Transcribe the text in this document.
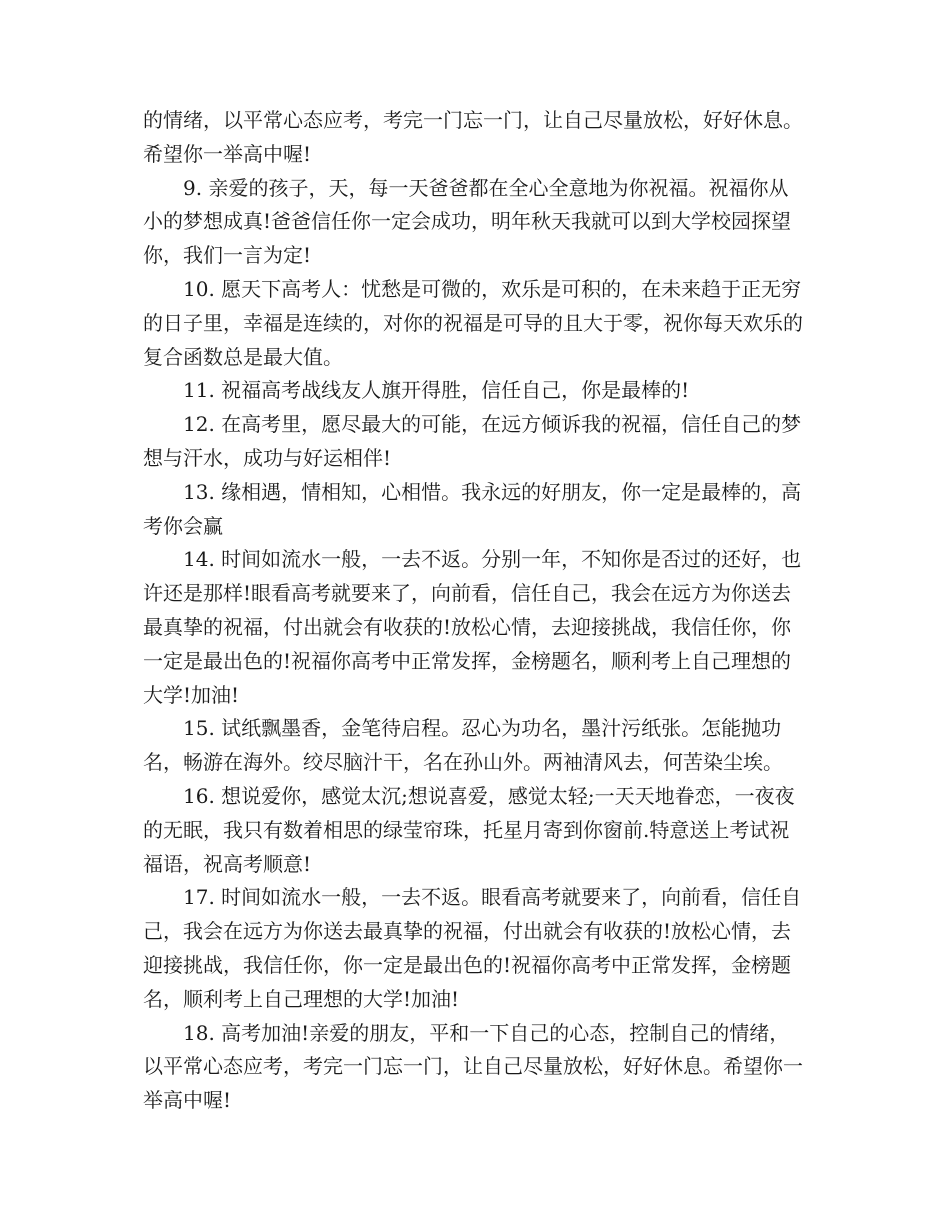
的情绪，以平常心态应考，考完一门忘一门，让自己尽量放松，好好休息。希望你一举高中喔!

9. 亲爱的孩子，天，每一天爸爸都在全心全意地为你祝福。祝福你从小的梦想成真!爸爸信任你一定会成功，明年秋天我就可以到大学校园探望你，我们一言为定!

10. 愿天下高考人：忧愁是可微的，欢乐是可积的，在未来趋于正无穷的日子里，幸福是连续的，对你的祝福是可导的且大于零，祝你每天欢乐的复合函数总是最大值。

11. 祝福高考战线友人旗开得胜，信任自己，你是最棒的!

12. 在高考里，愿尽最大的可能，在远方倾诉我的祝福，信任自己的梦想与汗水，成功与好运相伴!

13. 缘相遇，情相知，心相惜。我永远的好朋友，你一定是最棒的，高考你会赢

14. 时间如流水一般，一去不返。分别一年，不知你是否过的还好，也许还是那样!眼看高考就要来了，向前看，信任自己，我会在远方为你送去最真挚的祝福，付出就会有收获的!放松心情，去迎接挑战，我信任你，你一定是最出色的!祝福你高考中正常发挥，金榜题名，顺利考上自己理想的大学!加油!

15. 试纸飘墨香，金笔待启程。忍心为功名，墨汁污纸张。怎能抛功名，畅游在海外。绞尽脑汁干，名在孙山外。两袖清风去，何苦染尘埃。

16. 想说爱你，感觉太沉;想说喜爱，感觉太轻;一天天地眷恋，一夜夜的无眠，我只有数着相思的绿莹帘珠，托星月寄到你窗前.特意送上考试祝福语，祝高考顺意!

17. 时间如流水一般，一去不返。眼看高考就要来了，向前看，信任自己，我会在远方为你送去最真挚的祝福，付出就会有收获的!放松心情，去迎接挑战，我信任你，你一定是最出色的!祝福你高考中正常发挥，金榜题名，顺利考上自己理想的大学!加油!

18. 高考加油!亲爱的朋友，平和一下自己的心态，控制自己的情绪，以平常心态应考，考完一门忘一门，让自己尽量放松，好好休息。希望你一举高中喔!
